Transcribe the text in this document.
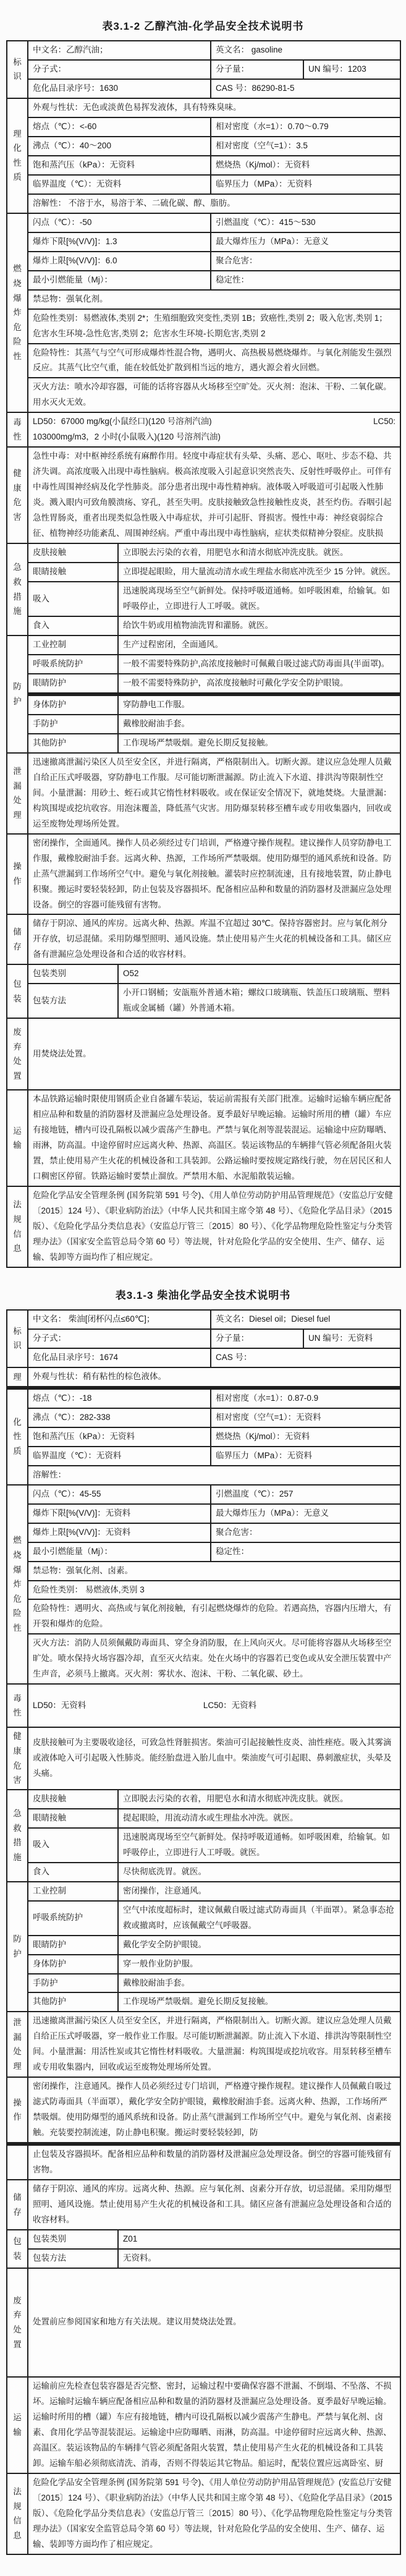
表3.1-2 乙醇汽油-化学品安全技术说明书
标识	中文名：乙醇汽油；		英文名： gasoline	
	分子式：		分子量：	UN 编号：1203
	危化品目录序号：1630		CAS 号：86290-81-5	

理化性质	外观与性状：无色或淡黄色易挥发液体，具有特殊臭味。			
	熔点（℃）：<-60		相对密度（水=1）：0.70～0.79	
	沸点（℃）：40～200		相对密度（空气=1）：3.5	
	饱和蒸汽压（kPa）：无资料		燃烧热（Kj/mol）：无资料	
	临界温度（℃）：无资料		临界压力（MPa）：无资料	
	溶解性： 不溶于水，易溶于苯、二硫化碳、醇、脂肪。			

燃烧爆炸危险性	闪点（℃）：-50		引燃温度（℃）：415～530	
	爆炸下限[%(V/V)]：1.3		最大爆炸压力（MPa）：无意义	
	爆炸上限[%(V/V)]：6.0		聚合危害：	
	最小引燃能量（Mj）：		稳定性：	
	禁忌物：强氧化剂。			
	危险性类别：易燃液体,类别 2*；生殖细胞致突变性,类别 1B；致癌性,类别 2；吸入危害,类别 1；危害水生环境-急性危害,类别 2；危害水生环境-长期危害,类别 2			
	危险特性：其蒸气与空气可形成爆炸性混合物，遇明火、高热极易燃烧爆炸。与氧化剂能发生强烈反应。其蒸气比空气重，能在较低处扩散到相当远的地方，遇火源会着火回燃。			
	灭火方法：喷水冷却容器，可能的话将容器从火场移至空旷处。灭火剂：泡沫、干粉、二氧化碳。用水灭火无效。			

毒性	LD50：67000 mg/kg(小鼠经口)(120 号溶剂汽油) LC50:
103000mg/m3，2 小时(小鼠吸入)(120 号溶剂汽油)			

健康危害	急性中毒：对中枢神经系统有麻醉作用。轻度中毒症状有头晕、头痛、恶心、呕吐、步态不稳、共济失调。高浓度吸入出现中毒性脑病。极高浓度吸入引起意识突然丧失、反射性呼吸停止。可伴有中毒性周围神经病及化学性肺炎。部分患者出现中毒性精神病。液体吸入呼吸道可引起吸入性肺炎。溅入眼内可致角膜溃疡、穿孔，甚至失明。皮肤接触致急性接触性皮炎，甚至灼伤。吞咽引起急性胃肠炎，重者出现类似急性吸入中毒症状，并可引起肝、肾损害。慢性中毒：神经衰弱综合征、植物神经功能紊乱、周围神经病。严重中毒出现中毒性脑病，症状类似精神分裂症。皮肤损			

急救措施	皮肤接触	立即脱去污染的衣着，用肥皂水和清水彻底冲洗皮肤。就医。		
	眼睛接触	立即提起眼睑，用大量流动清水或生理盐水彻底冲洗至少 15 分钟。就医。		
	吸入	迅速脱离现场至空气新鲜处。保持呼吸道通畅。如呼吸困难，给输氧。如呼吸停止，立即进行人工呼吸。就医。		
	食入	给饮牛奶或用植物油洗胃和灌肠。就医。		

防护	工业控制	生产过程密闭，全面通风。		
	呼吸系统防护	一般不需要特殊防护,高浓度接触时可佩戴自吸过滤式防毒面具(半面罩)。		
	眼睛防护	一般不需要特殊防护，高浓度接触时可戴化学安全防护眼镜。		
	身体防护	穿防静电工作服。		
	手防护	戴橡胶耐油手套。		
	其他防护	工作现场严禁吸烟。避免长期反复接触。		

泄漏处理	迅速撤离泄漏污染区人员至安全区，并进行隔离，严格限制出入。切断火源。建议应急处理人员戴自给正压式呼吸器，穿防静电工作服。尽可能切断泄漏源。防止流入下水道、排洪沟等限制性空间。小量泄漏：用砂土、蛭石或其它惰性材料吸收。或在保证安全情况下，就地焚烧。大量泄漏：构筑围堤或挖坑收容。用泡沫覆盖，降低蒸气灾害。用防爆泵转移至槽车或专用收集器内，回收或运至废物处理场所处置。			

操作	密闭操作，全面通风。操作人员必须经过专门培训，严格遵守操作规程。建议操作人员穿防静电工作服，戴橡胶耐油手套。远离火种、热源，工作场所严禁吸烟。使用防爆型的通风系统和设备。防止蒸气泄漏到工作场所空气中。避免与氧化剂接触。灌装时应控制流速，且有接地装置，防止静电积聚。搬运时要轻装轻卸，防止包装及容器损坏。配备相应品种和数量的消防器材及泄漏应急处理设备。倒空的容器可能残留有害物。			

储存	储存于阴凉、通风的库房。远离火种、热源。库温不宜超过 30℃。保持容器密封。应与氧化剂分开存放，切忌混储。采用防爆型照明、通风设施。禁止使用易产生火花的机械设备和工具。储区应备有泄漏应急处理设备和合适的收容材料。			

包装	包装类别	O52		
	包装方法	小开口钢桶；安瓿瓶外普通木箱；螺纹口玻璃瓶、铁盖压口玻璃瓶、塑料瓶或金属桶（罐）外普通木箱。		

废弃处置	用焚烧法处置。			

运输	本品铁路运输时限使用钢质企业自备罐车装运，装运前需报有关部门批准。运输时运输车辆应配备相应品种和数量的消防器材及泄漏应急处理设备。夏季最好早晚运输。运输时所用的槽（罐）车应有接地链，槽内可设孔隔板以减少震荡产生静电。严禁与氧化剂等混装混运。运输途中应防曝晒、雨淋，防高温。中途停留时应远离火种、热源、高温区。装运该物品的车辆排气管必须配备阻火装置，禁止使用易产生火花的机械设备和工具装卸。公路运输时要按规定路线行驶，勿在居民区和人口稠密区停留。铁路运输时要禁止溜放。严禁用木船、水泥船散装运输。			

法规信息	危险化学品安全管理条例 (国务院第 591 号令)、《用人单位劳动防护用品管理规范》（安监总厅安健〔2015〕124 号）、《职业病防治法》（中华人民共和国主席令第 48 号）、《危险化学品目录》（2015 版）、《危险化学品分类信息表》（安监总厅管三〔2015〕80 号）、《化学品物理危险性鉴定与分类管理办法》（国家安全监管总局令第 60 号）等法规，针对危险化学品的安全使用、生产、储存、运输、装卸等方面均作了相应规定。			
表3.1-3 柴油化学品安全技术说明书
标识	中文名： 柴油[闭杯闪点≤60℃]；		英文名：Diesel oil；Diesel fuel	
	分子式：		分子量：	UN 编号：无资料
	危化品目录序号：1674		CAS 号：	

理	外观与性状：稍有粘性的棕色液体。			

化性质	熔点（℃）：-18		相对密度（水=1）：0.87-0.9	
	沸点（℃）：282-338		相对密度（空气=1）：无资料	
	饱和蒸汽压（kPa）：无资料		燃烧热（Kj/mol）：无资料	
	临界温度（℃）：无资料		临界压力（MPa）：无资料	
	溶解性：			

燃烧爆炸危险性	闪点（℃）：45-55		引燃温度（℃）：257	
	爆炸下限[%(V/V)]：无资料		最大爆炸压力（MPa）：无意义	
	爆炸上限[%(V/V)]：无资料		聚合危害：	
	最小引燃能量（Mj）：		稳定性：	
	禁忌物：强氧化剂、卤素。			
	危险性类别： 易燃液体,类别 3			
	危险特性：遇明火、高热或与氧化剂接触，有引起燃烧爆炸的危险。若遇高热，容器内压增大，有开裂和爆炸的危险。			
	灭火方法：消防人员须佩戴防毒面具、穿全身消防服，在上风向灭火。尽可能将容器从火场移至空旷处。喷水保持火场容器冷却，直至灭火结束。处在火场中的容器若已变色或从安全泄压装置中产生声音，必须马上撤离。灭火剂：雾状水、泡沫、干粉、二氧化碳、砂土。			

毒性	LD50：无资料 LC50：无资料			

健康危害	皮肤接触可为主要吸收途径，可致急性肾脏损害。柴油可引起接触性皮炎、油性痤疮。吸入其雾滴或液体呛入可引起吸入性肺炎。能经胎盘进入胎儿血中。柴油废气可引起眼、鼻刺激症状，头晕及头痛。			

急救措施	皮肤接触	立即脱去污染的衣着，用肥皂水和清水彻底冲洗皮肤。就医。		
	眼睛接触	提起眼睑，用流动清水或生理盐水冲洗。就医。		
	吸入	迅速脱离现场至空气新鲜处。保持呼吸道通畅。如呼吸困难，给输氧。如呼吸停止，立即进行人工呼吸。就医。		
	食入	尽快彻底洗胃。就医。		

防护	工业控制	密闭操作，注意通风。		
	呼吸系统防护	空气中浓度超标时，建议佩戴自吸过滤式防毒面具（半面罩）。紧急事态抢救或撤离时，应该佩戴空气呼吸器。		
	眼睛防护	戴化学安全防护眼镜。		
	身体防护	穿一般作业防护服。		
	手防护	戴橡胶耐油手套。		
	其他防护	工作现场严禁吸烟。避免长期反复接触。		

泄漏处理	迅速撤离泄漏污染区人员至安全区，并进行隔离，严格限制出入。切断火源。建议应急处理人员戴自给正压式呼吸器，穿一般作业工作服。尽可能切断泄漏源。防止流入下水道、排洪沟等限制性空间。小量泄漏：用活性炭或其它惰性材料吸收。大量泄漏：构筑围堤或挖坑收容。用泵转移至槽车或专用收集器内，回收或运至废物处理场所处置。			

操作	密闭操作，注意通风。操作人员必须经过专门培训，严格遵守操作规程。建议操作人员佩戴自吸过滤式防毒面具（半面罩），戴化学安全防护眼镜，戴橡胶耐油手套。远离火种、热源，工作场所严禁吸烟。使用防爆型的通风系统和设备。防止蒸气泄漏到工作场所空气中。避免与氧化剂、卤素接触。充装要控制流速，防止静电积聚。搬运时要轻装轻卸，防			
	止包装及容器损坏。配备相应品种和数量的消防器材及泄漏应急处理设备。倒空的容器可能残留有害物。			

储存	储存于阴凉、通风的库房。远离火种、热源。应与氧化剂、卤素分开存放，切忌混储。采用防爆型照明、通风设施。禁止使用易产生火花的机械设备和工具。储区应备有泄漏应急处理设备和合适的收容材料。			

包装	包装类别	Z01		
	包装方法	无资料。		

废弃处置	处置前应参阅国家和地方有关法规。建议用焚烧法处置。			

运输	运输前应先检查包装容器是否完整、密封，运输过程中要确保容器不泄漏、不倒塌、不坠落、不损坏。运输时运输车辆应配备相应品种和数量的消防器材及泄漏应急处理设备。夏季最好早晚运输。运输时所用的槽（罐）车应有接地链，槽内可设孔隔板以减少震荡产生静电。严禁与氧化剂、卤素、食用化学品等混装混运。运输途中应防曝晒、雨淋，防高温。中途停留时应远离火种、热源、高温区。装运该物品的车辆排气管必须配备阻火装置，禁止使用易产生火花的机械设备和工具装卸。运输车船必须彻底清洗、消毒，否则不得装运其它物品。船运时，配装位置应远离卧室、厨			

法规信息	危险化学品安全管理条例 (国务院第 591 号令)、《用人单位劳动防护用品管理规范》(安监总厅安健〔2015〕124 号）、《职业病防治法》（中华人民共和国主席令第 48 号）、《危险化学品目录》（2015 版）、《危险化学品分类信息表》（安监总厅管三〔2015〕80 号）、《化学品物理危险性鉴定与分类管理办法》（国家安全监管总局令第 60 号）等法规，针对危险化学品的安全使用、生产、储存、运输、装卸等方面均作了相应规定。			
